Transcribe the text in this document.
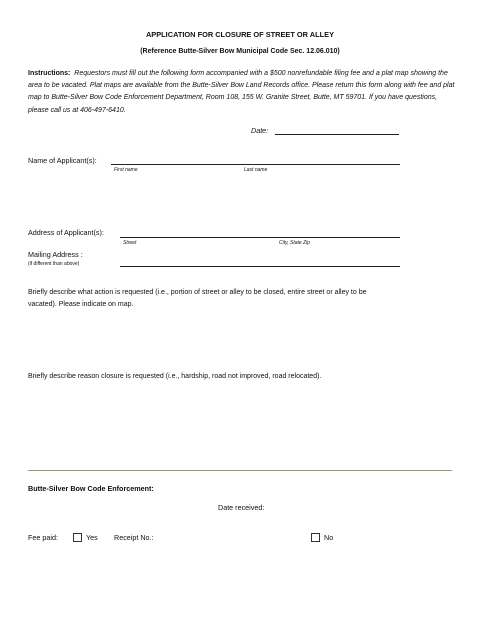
APPLICATION FOR CLOSURE OF STREET OR ALLEY
(Reference Butte-Silver Bow Municipal Code Sec. 12.06.010)
Instructions: Requestors must fill out the following form accompanied with a $500 nonrefundable filing fee and a plat map showing the area to be vacated. Plat maps are available from the Butte-Silver Bow Land Records office. Please return this form along with fee and plat map to Butte-Silver Bow Code Enforcement Department, Room 108, 155 W. Granite Street, Butte, MT 59701. If you have questions, please call us at 406-497-6410.
Date:
Name of Applicant(s):
First name	Last name
Address of Applicant(s):
Street	City, State Zip
Mailing Address :
(if different than above)
Briefly describe what action is requested (i.e., portion of street or alley to be closed, entire street or alley to be vacated). Please indicate on map.
Briefly describe reason closure is requested (i.e., hardship, road not improved, road relocated).
Butte-Silver Bow Code Enforcement:
Date received:
Fee paid:	Yes Receipt No.:	No
